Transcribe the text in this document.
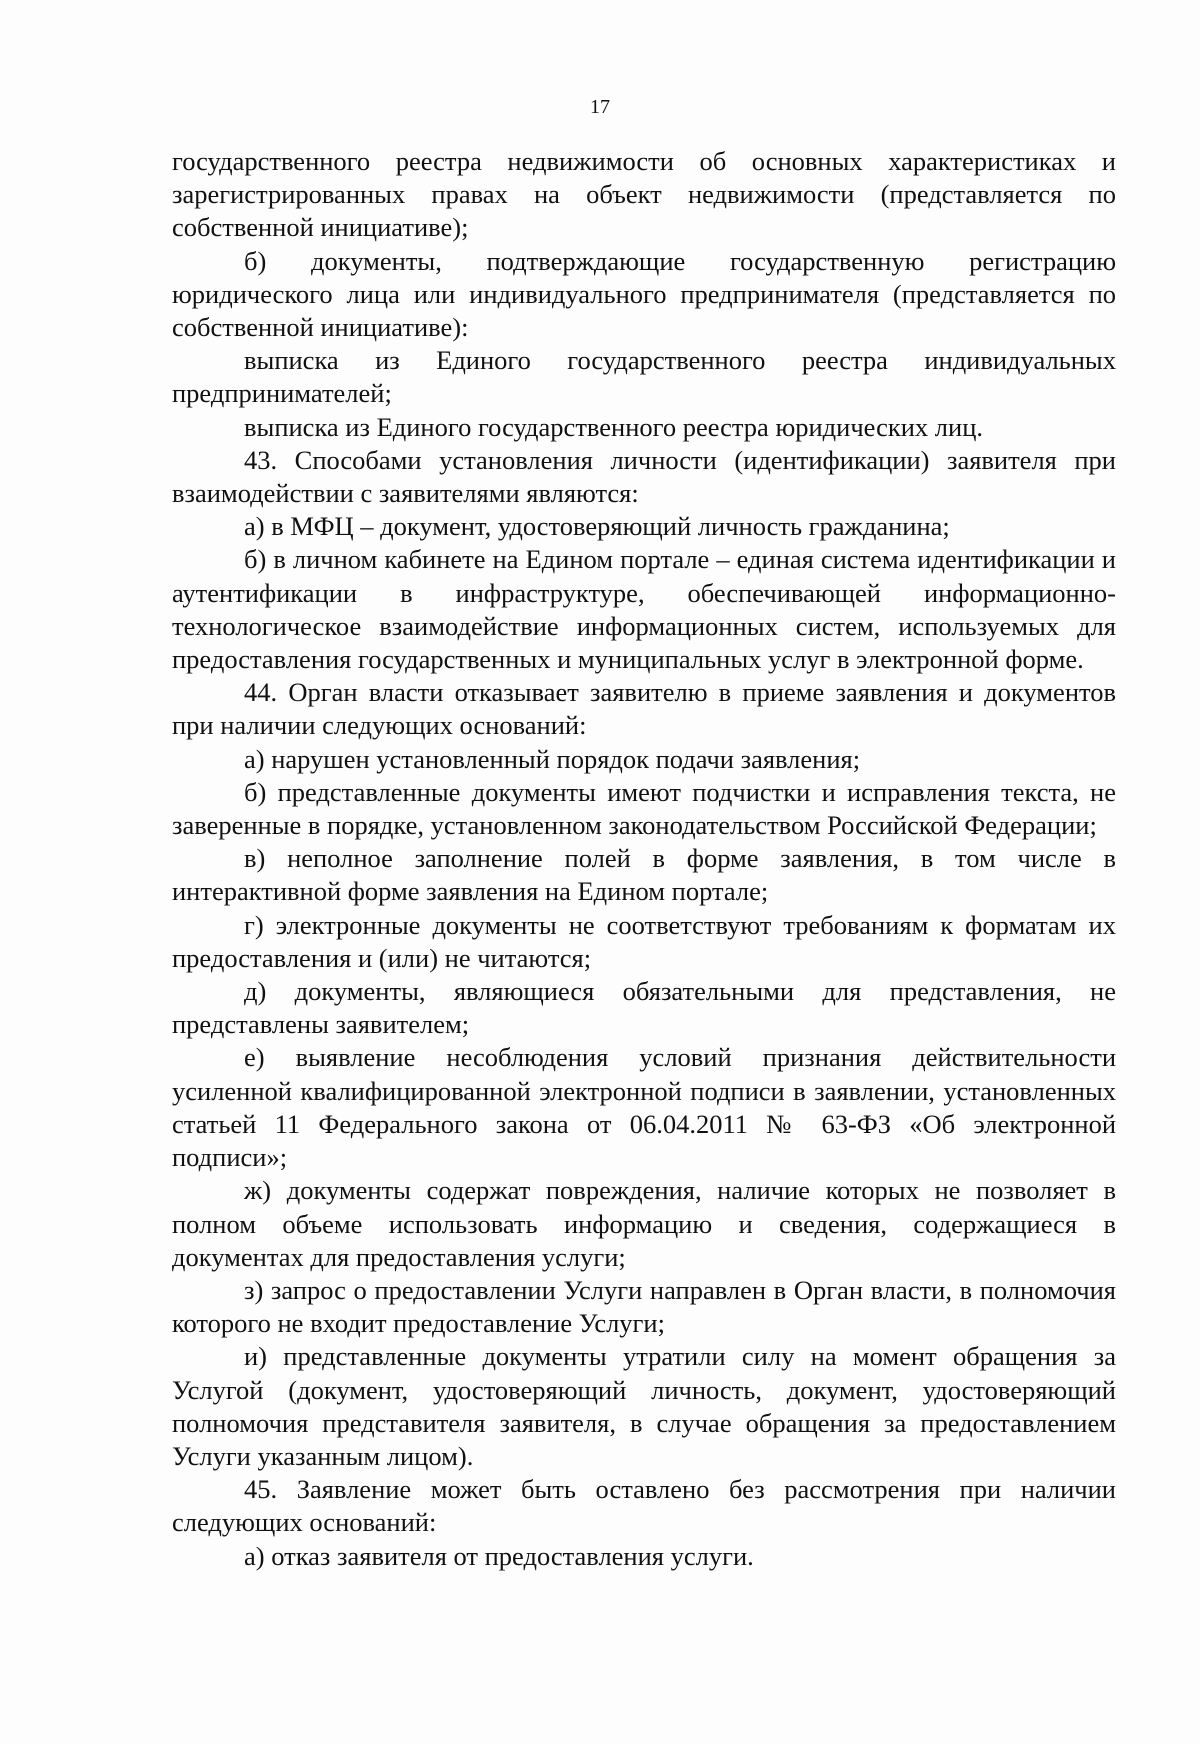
17

государственного реестра недвижимости об основных характеристиках и зарегистрированных правах на объект недвижимости (представляется по собственной инициативе);

б) документы, подтверждающие государственную регистрацию юридического лица или индивидуального предпринимателя (представляется по собственной инициативе):

выписка из Единого государственного реестра индивидуальных предпринимателей;

выписка из Единого государственного реестра юридических лиц.

43. Способами установления личности (идентификации) заявителя при взаимодействии с заявителями являются:

а) в МФЦ – документ, удостоверяющий личность гражданина;

б) в личном кабинете на Едином портале – единая система идентификации и аутентификации в инфраструктуре, обеспечивающей информационно-технологическое взаимодействие информационных систем, используемых для предоставления государственных и муниципальных услуг в электронной форме.

44. Орган власти отказывает заявителю в приеме заявления и документов при наличии следующих оснований:

а) нарушен установленный порядок подачи заявления;

б) представленные документы имеют подчистки и исправления текста, не заверенные в порядке, установленном законодательством Российской Федерации;

в) неполное заполнение полей в форме заявления, в том числе в интерактивной форме заявления на Едином портале;

г) электронные документы не соответствуют требованиям к форматам их предоставления и (или) не читаются;

д) документы, являющиеся обязательными для представления, не представлены заявителем;

е) выявление несоблюдения условий признания действительности усиленной квалифицированной электронной подписи в заявлении, установленных статьей 11 Федерального закона от 06.04.2011 № 63-ФЗ «Об электронной подписи»;

ж) документы содержат повреждения, наличие которых не позволяет в полном объеме использовать информацию и сведения, содержащиеся в документах для предоставления услуги;

з) запрос о предоставлении Услуги направлен в Орган власти, в полномочия которого не входит предоставление Услуги;

и) представленные документы утратили силу на момент обращения за Услугой (документ, удостоверяющий личность, документ, удостоверяющий полномочия представителя заявителя, в случае обращения за предоставлением Услуги указанным лицом).

45. Заявление может быть оставлено без рассмотрения при наличии следующих оснований:

а) отказ заявителя от предоставления услуги.
